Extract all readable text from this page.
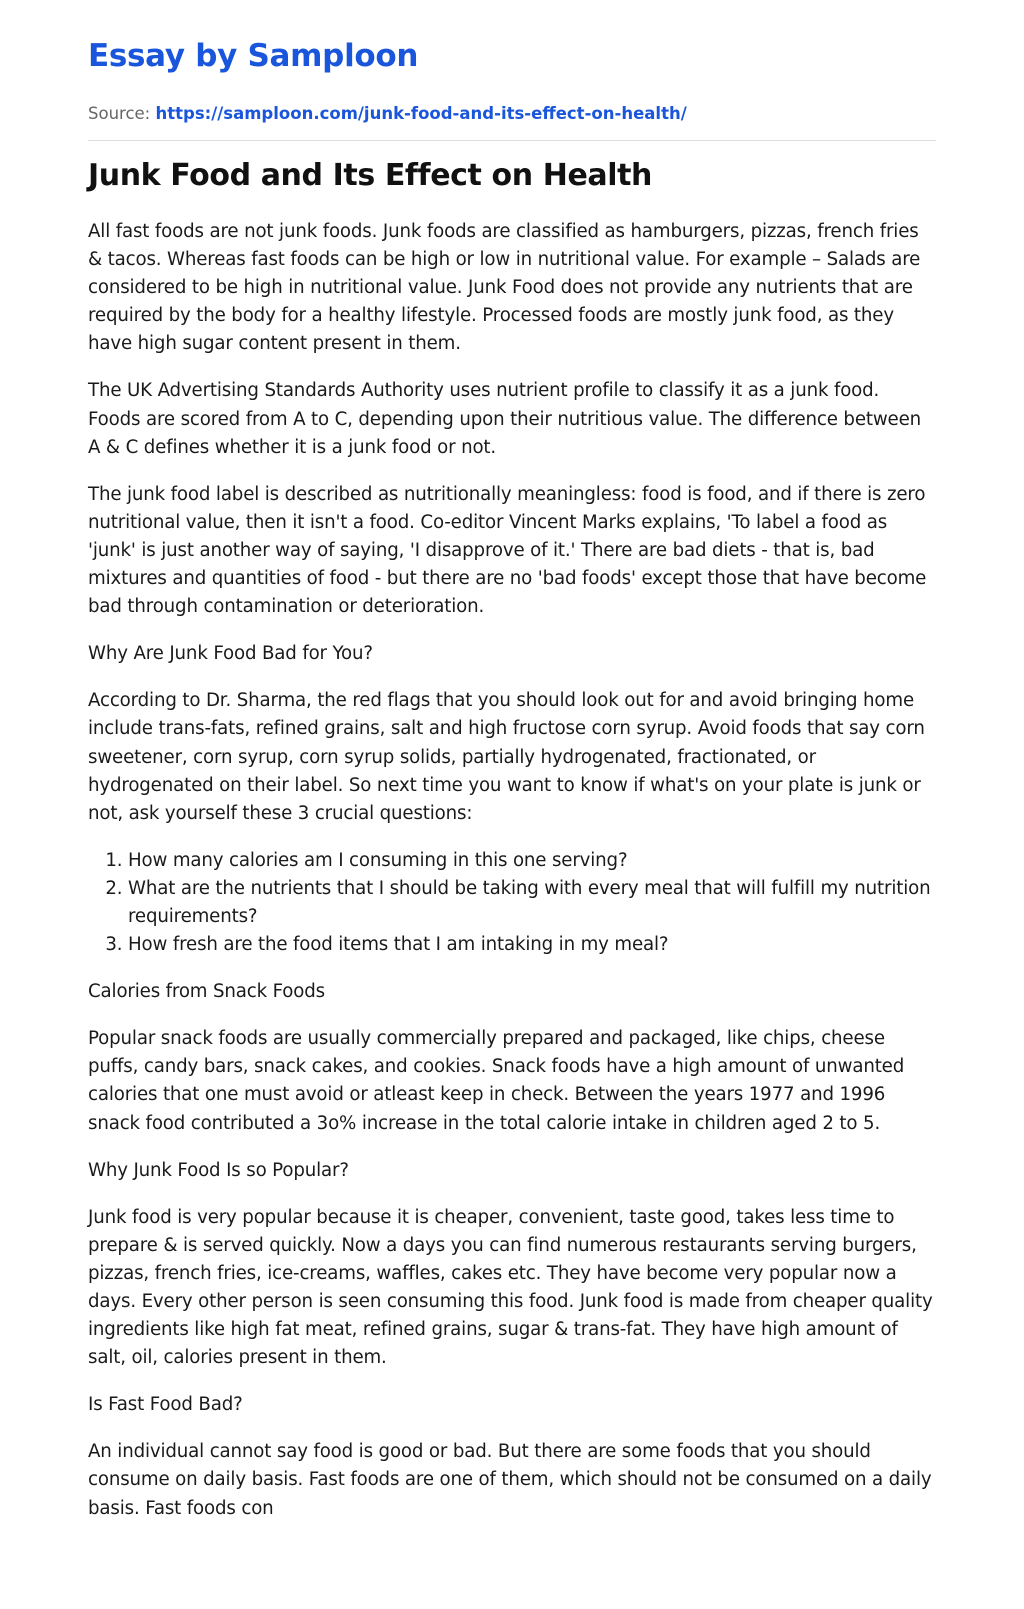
Essay by Samploon
Source: https://samploon.com/junk-food-and-its-effect-on-health/
Junk Food and Its Effect on Health

All fast foods are not junk foods. Junk foods are classified as hamburgers, pizzas, french fries & tacos. Whereas fast foods can be high or low in nutritional value. For example – Salads are considered to be high in nutritional value. Junk Food does not provide any nutrients that are required by the body for a healthy lifestyle. Processed foods are mostly junk food, as they have high sugar content present in them.

The UK Advertising Standards Authority uses nutrient profile to classify it as a junk food. Foods are scored from A to C, depending upon their nutritious value. The difference between A & C defines whether it is a junk food or not.

The junk food label is described as nutritionally meaningless: food is food, and if there is zero nutritional value, then it isn't a food. Co-editor Vincent Marks explains, 'To label a food as 'junk' is just another way of saying, 'I disapprove of it.' There are bad diets - that is, bad mixtures and quantities of food - but there are no 'bad foods' except those that have become bad through contamination or deterioration.

Why Are Junk Food Bad for You?

According to Dr. Sharma, the red flags that you should look out for and avoid bringing home include trans-fats, refined grains, salt and high fructose corn syrup. Avoid foods that say corn sweetener, corn syrup, corn syrup solids, partially hydrogenated, fractionated, or hydrogenated on their label. So next time you want to know if what's on your plate is junk or not, ask yourself these 3 crucial questions:

1. How many calories am I consuming in this one serving?
2. What are the nutrients that I should be taking with every meal that will fulfill my nutrition requirements?
3. How fresh are the food items that I am intaking in my meal?

Calories from Snack Foods

Popular snack foods are usually commercially prepared and packaged, like chips, cheese puffs, candy bars, snack cakes, and cookies. Snack foods have a high amount of unwanted calories that one must avoid or atleast keep in check. Between the years 1977 and 1996 snack food contributed a 3o% increase in the total calorie intake in children aged 2 to 5.

Why Junk Food Is so Popular?

Junk food is very popular because it is cheaper, convenient, taste good, takes less time to prepare & is served quickly. Now a days you can find numerous restaurants serving burgers, pizzas, french fries, ice-creams, waffles, cakes etc. They have become very popular now a days. Every other person is seen consuming this food. Junk food is made from cheaper quality ingredients like high fat meat, refined grains, sugar & trans-fat. They have high amount of salt, oil, calories present in them.

Is Fast Food Bad?

An individual cannot say food is good or bad. But there are some foods that you should consume on daily basis. Fast foods are one of them, which should not be consumed on a daily basis. Fast foods con
